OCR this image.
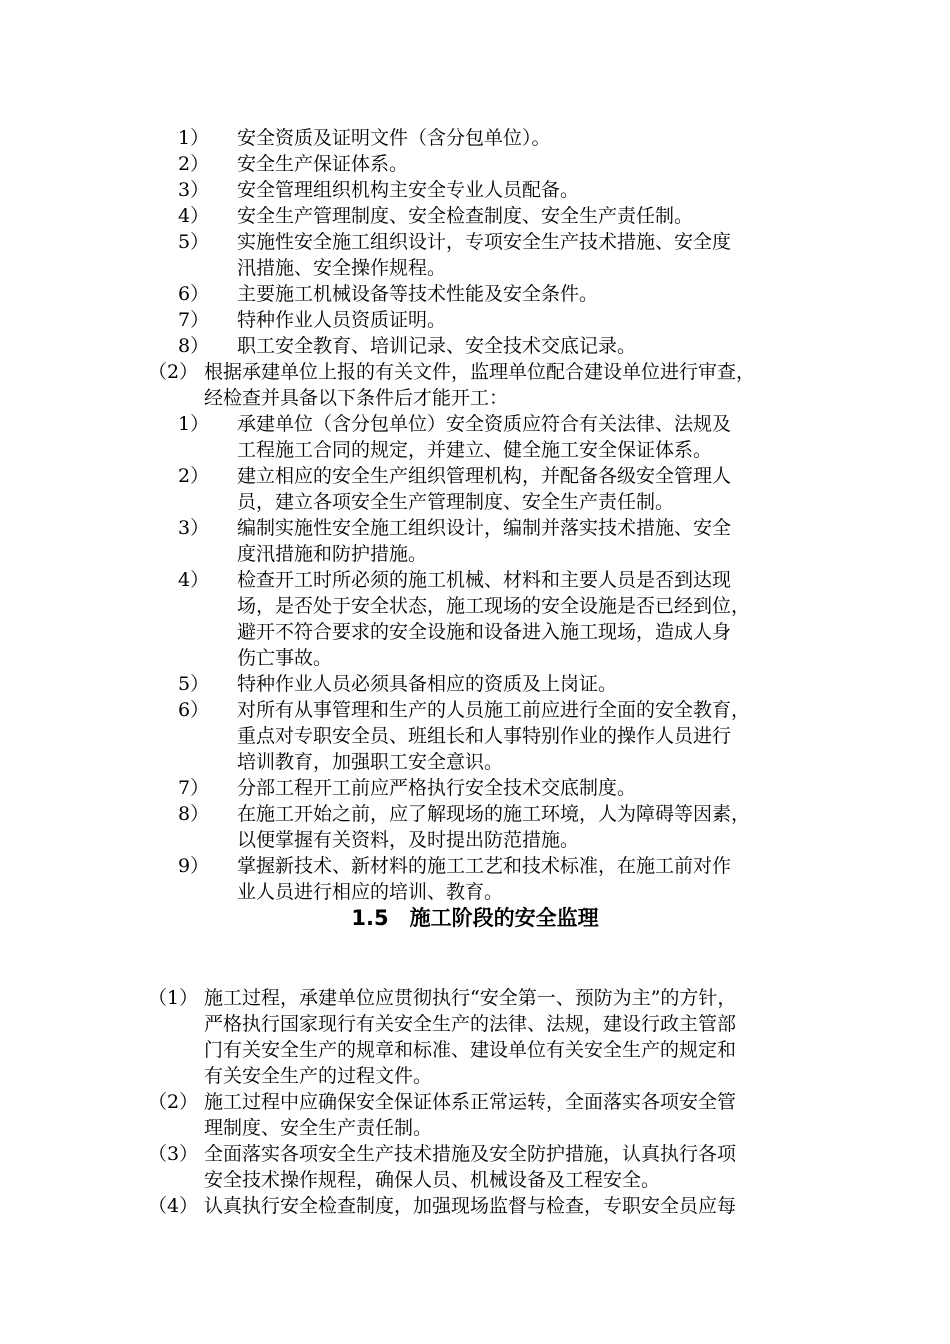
1） 安全资质及证明文件（含分包单位）。
2） 安全生产保证体系。
3） 安全管理组织机构主安全专业人员配备。
4） 安全生产管理制度、安全检查制度、安全生产责任制。
5） 实施性安全施工组织设计，专项安全生产技术措施、安全度
汛措施、安全操作规程。
6） 主要施工机械设备等技术性能及安全条件。
7） 特种作业人员资质证明。
8） 职工安全教育、培训记录、安全技术交底记录。
（2） 根据承建单位上报的有关文件，监理单位配合建设单位进行审查，
经检查并具备以下条件后才能开工：
1） 承建单位（含分包单位）安全资质应符合有关法律、法规及
工程施工合同的规定，并建立、健全施工安全保证体系。
2） 建立相应的安全生产组织管理机构，并配备各级安全管理人
员，建立各项安全生产管理制度、安全生产责任制。
3） 编制实施性安全施工组织设计，编制并落实技术措施、安全
度汛措施和防护措施。
4） 检查开工时所必须的施工机械、材料和主要人员是否到达现
场，是否处于安全状态，施工现场的安全设施是否已经到位，
避开不符合要求的安全设施和设备进入施工现场，造成人身
伤亡事故。
5） 特种作业人员必须具备相应的资质及上岗证。
6） 对所有从事管理和生产的人员施工前应进行全面的安全教育，
重点对专职安全员、班组长和人事特别作业的操作人员进行
培训教育，加强职工安全意识。
7） 分部工程开工前应严格执行安全技术交底制度。
8） 在施工开始之前，应了解现场的施工环境，人为障碍等因素，
以便掌握有关资料，及时提出防范措施。
9） 掌握新技术、新材料的施工工艺和技术标准，在施工前对作
业人员进行相应的培训、教育。
1.5　施工阶段的安全监理
（1） 施工过程，承建单位应贯彻执行“安全第一、预防为主”的方针，
严格执行国家现行有关安全生产的法律、法规，建设行政主管部
门有关安全生产的规章和标准、建设单位有关安全生产的规定和
有关安全生产的过程文件。
（2） 施工过程中应确保安全保证体系正常运转，全面落实各项安全管
理制度、安全生产责任制。
（3） 全面落实各项安全生产技术措施及安全防护措施，认真执行各项
安全技术操作规程，确保人员、机械设备及工程安全。
（4） 认真执行安全检查制度，加强现场监督与检查，专职安全员应每
